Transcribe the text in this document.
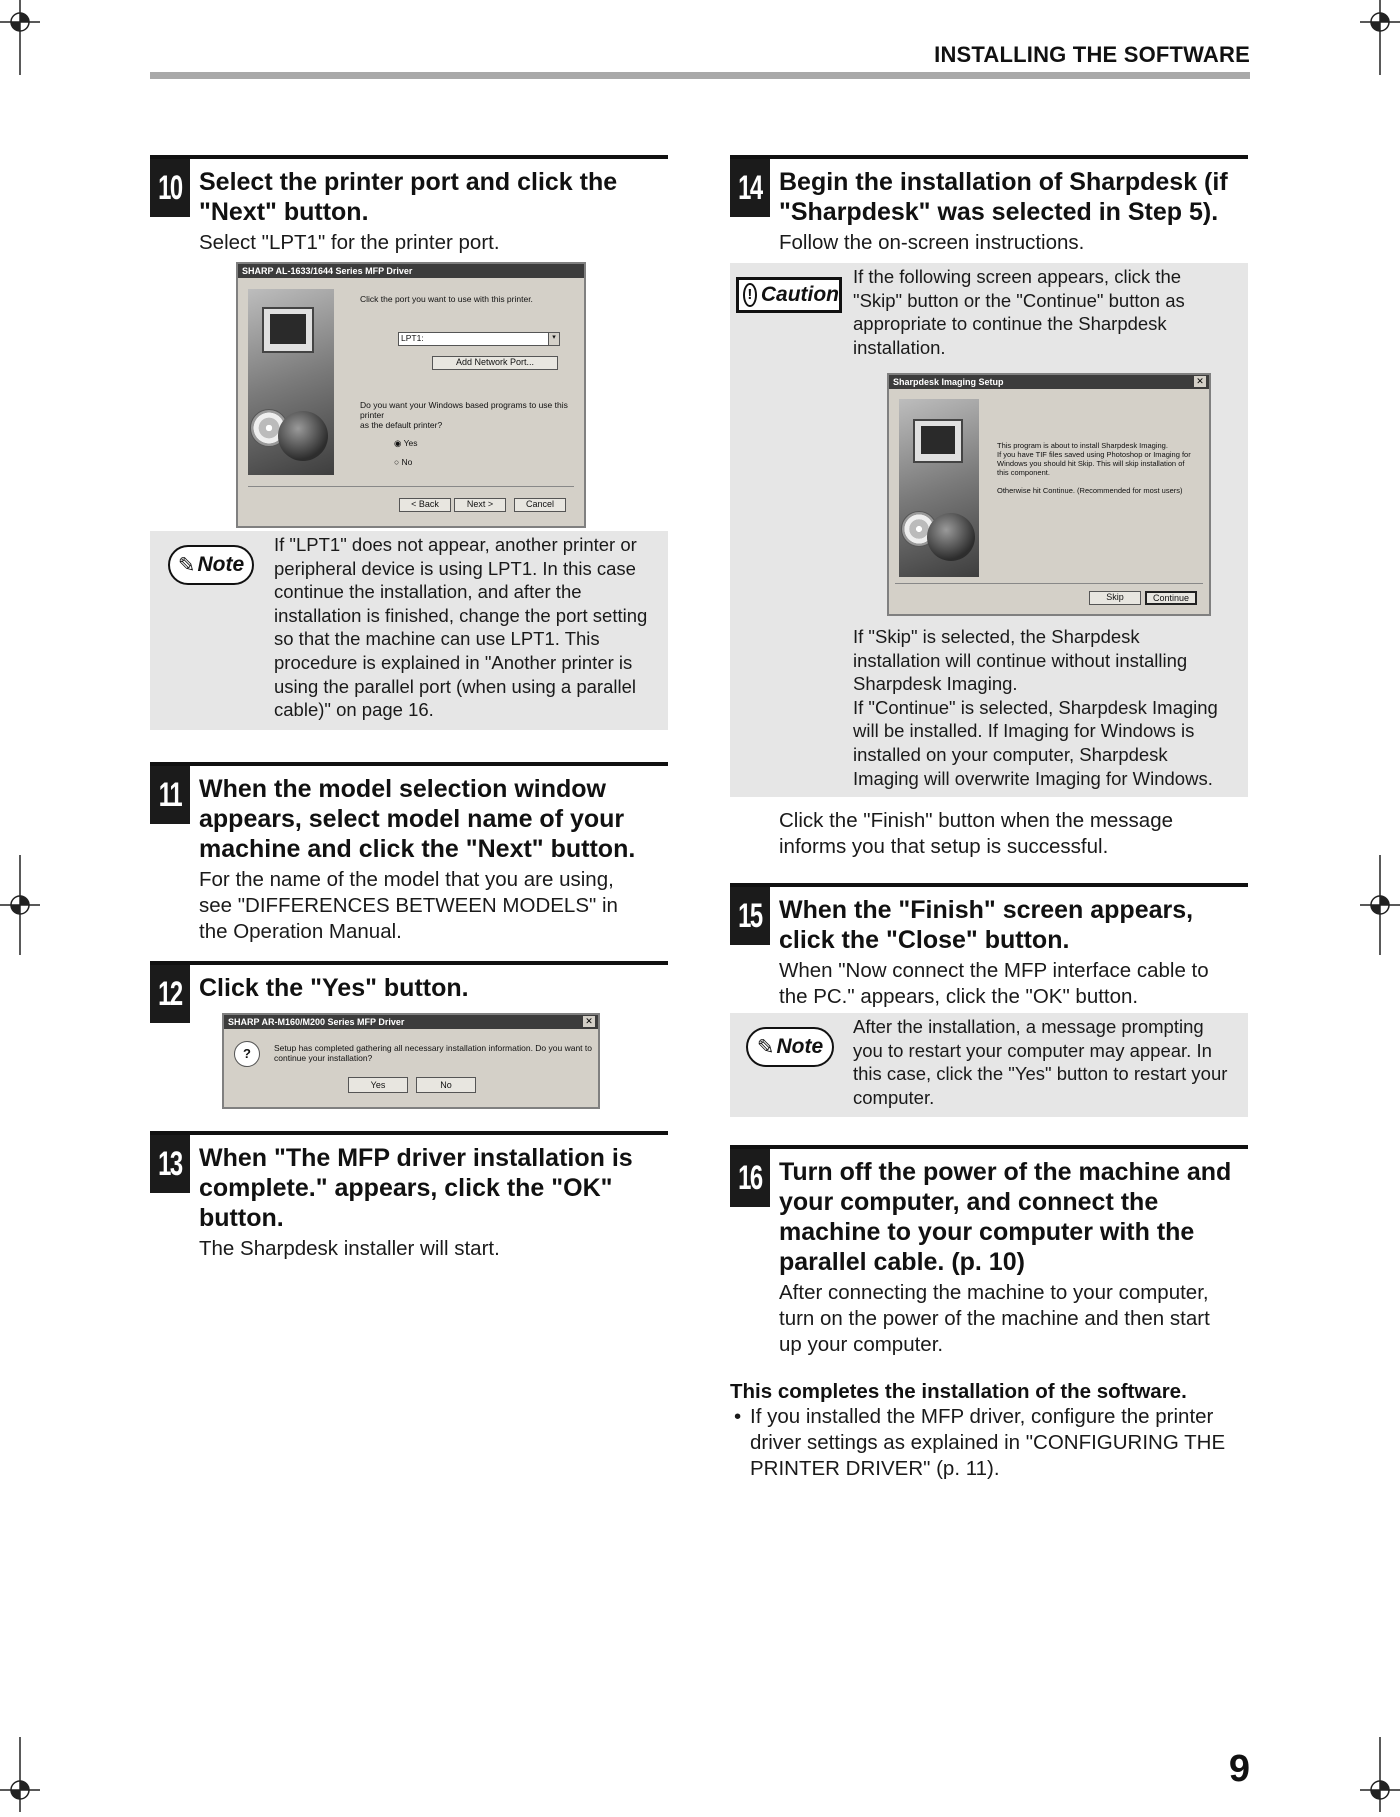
INSTALLING THE SOFTWARE
10 Select the printer port and click the
"Next" button.
Select "LPT1" for the printer port.
SHARP AL-1633/1644 Series MFP Driver
Click the port you want to use with this printer.
LPT1:	▾
Add Network Port...
Do you want your Windows based programs to use this printer
as the default printer?
◉ Yes
○ No
< Back	Next >	Cancel
✎ Note
If "LPT1" does not appear, another printer or
peripheral device is using LPT1. In this case
continue the installation, and after the
installation is finished, change the port setting
so that the machine can use LPT1. This
procedure is explained in "Another printer is
using the parallel port (when using a parallel
cable)" on page 16.
11 When the model selection window
appears, select model name of your
machine and click the "Next" button.
For the name of the model that you are using,
see "DIFFERENCES BETWEEN MODELS" in
the Operation Manual.
12 Click the "Yes" button.
SHARP AR-M160/M200 Series MFP Driver	✕
?	Setup has completed gathering all necessary installation information. Do you want to
continue your installation?
Yes	No
13 When "The MFP driver installation is
complete." appears, click the "OK"
button.
The Sharpdesk installer will start.
14 Begin the installation of Sharpdesk (if
"Sharpdesk" was selected in Step 5).
Follow the on-screen instructions.
! Caution
If the following screen appears, click the
"Skip" button or the "Continue" button as
appropriate to continue the Sharpdesk
installation.
Sharpdesk Imaging Setup	✕
This program is about to install Sharpdesk Imaging.
If you have TIF files saved using Photoshop or Imaging for
Windows you should hit Skip. This will skip installation of
this component.
Otherwise hit Continue. (Recommended for most users)
Skip	Continue
If "Skip" is selected, the Sharpdesk
installation will continue without installing
Sharpdesk Imaging.
If "Continue" is selected, Sharpdesk Imaging
will be installed. If Imaging for Windows is
installed on your computer, Sharpdesk
Imaging will overwrite Imaging for Windows.
Click the "Finish" button when the message
informs you that setup is successful.
15 When the "Finish" screen appears,
click the "Close" button.
When "Now connect the MFP interface cable to
the PC." appears, click the "OK" button.
✎ Note
After the installation, a message prompting
you to restart your computer may appear. In
this case, click the "Yes" button to restart your
computer.
16 Turn off the power of the machine and
your computer, and connect the
machine to your computer with the
parallel cable. (p. 10)
After connecting the machine to your computer,
turn on the power of the machine and then start
up your computer.
This completes the installation of the software.
• If you installed the MFP driver, configure the printer
driver settings as explained in "CONFIGURING THE
PRINTER DRIVER" (p. 11).
9
